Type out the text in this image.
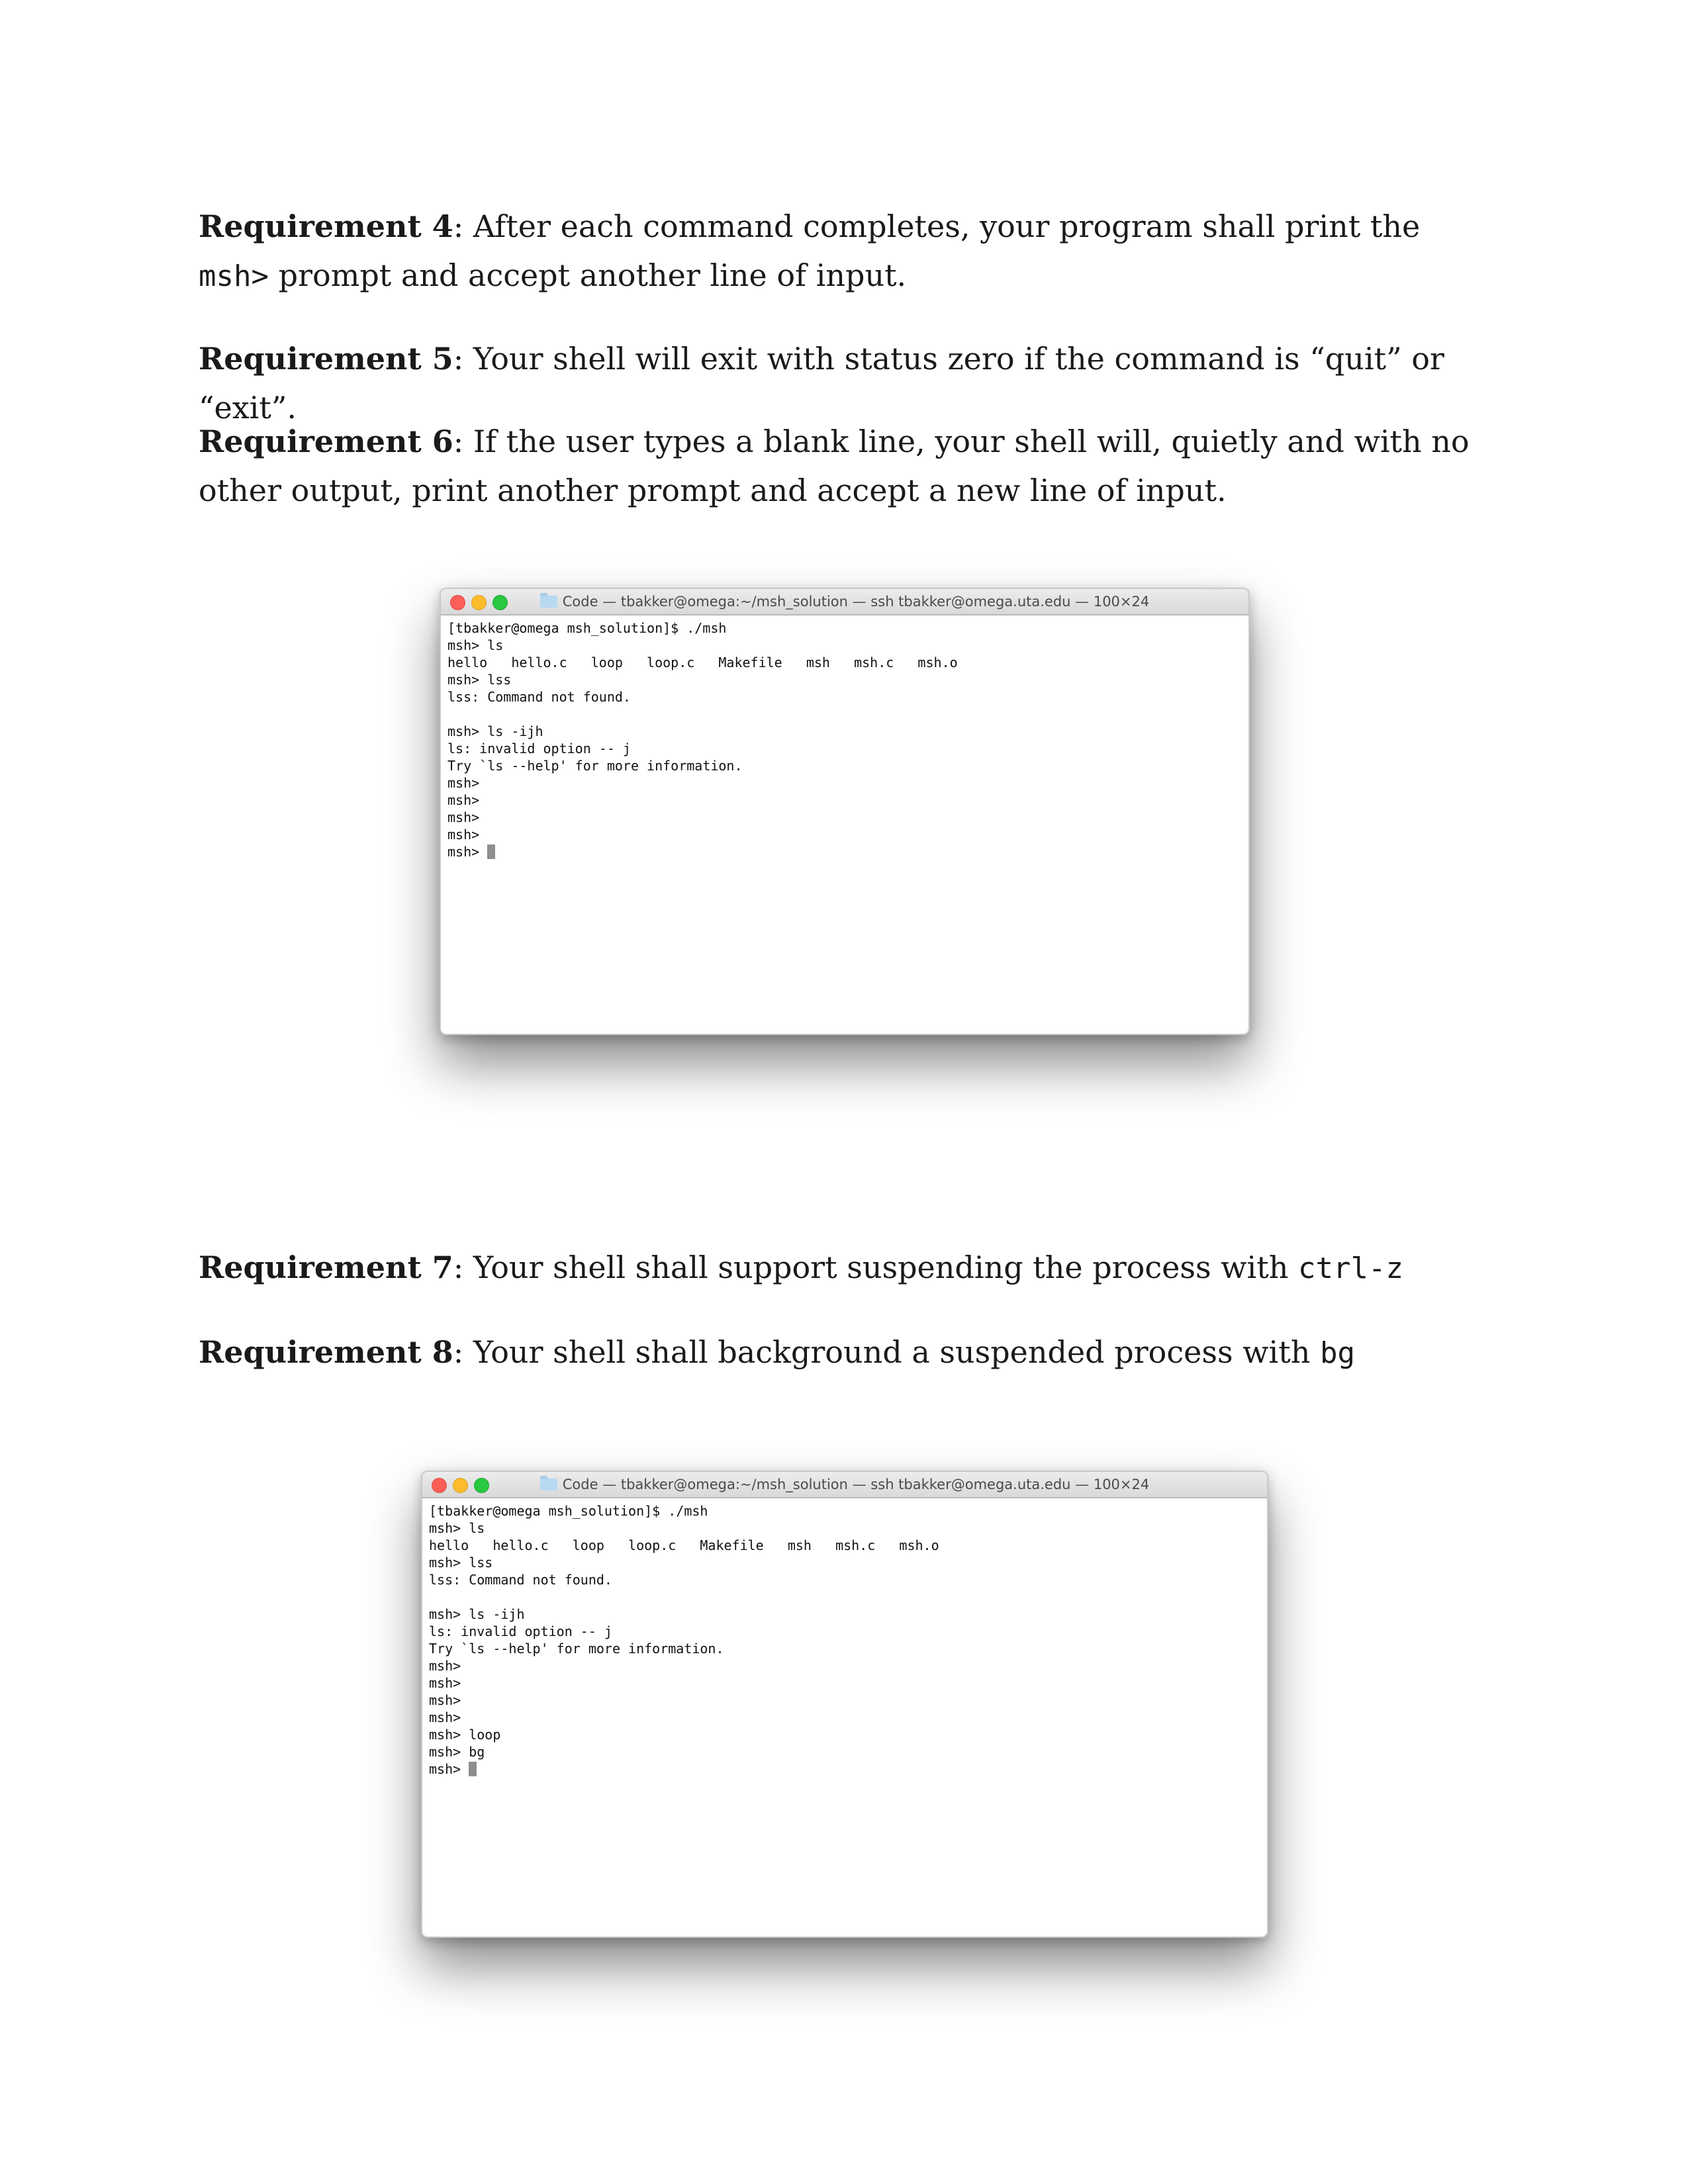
Requirement 4: After each command completes, your program shall print the msh> prompt and accept another line of input.
Requirement 5: Your shell will exit with status zero if the command is “quit” or “exit”.
Requirement 6: If the user types a blank line, your shell will, quietly and with no other output, print another prompt and accept a new line of input.
Code — tbakker@omega:~/msh_solution — ssh tbakker@omega.uta.edu — 100×24
[tbakker@omega msh_solution]$ ./msh
msh> ls
hello   hello.c   loop   loop.c   Makefile   msh   msh.c   msh.o
msh> lss
lss: Command not found.
msh> ls -ijh
ls: invalid option -- j
Try `ls --help' for more information.
msh>
msh>
msh>
msh>
msh>
Requirement 7: Your shell shall support suspending the process with ctrl-z
Requirement 8: Your shell shall background a suspended process with bg
Code — tbakker@omega:~/msh_solution — ssh tbakker@omega.uta.edu — 100×24
[tbakker@omega msh_solution]$ ./msh
msh> ls
hello   hello.c   loop   loop.c   Makefile   msh   msh.c   msh.o
msh> lss
lss: Command not found.
msh> ls -ijh
ls: invalid option -- j
Try `ls --help' for more information.
msh>
msh>
msh>
msh>
msh> loop
msh> bg
msh>
